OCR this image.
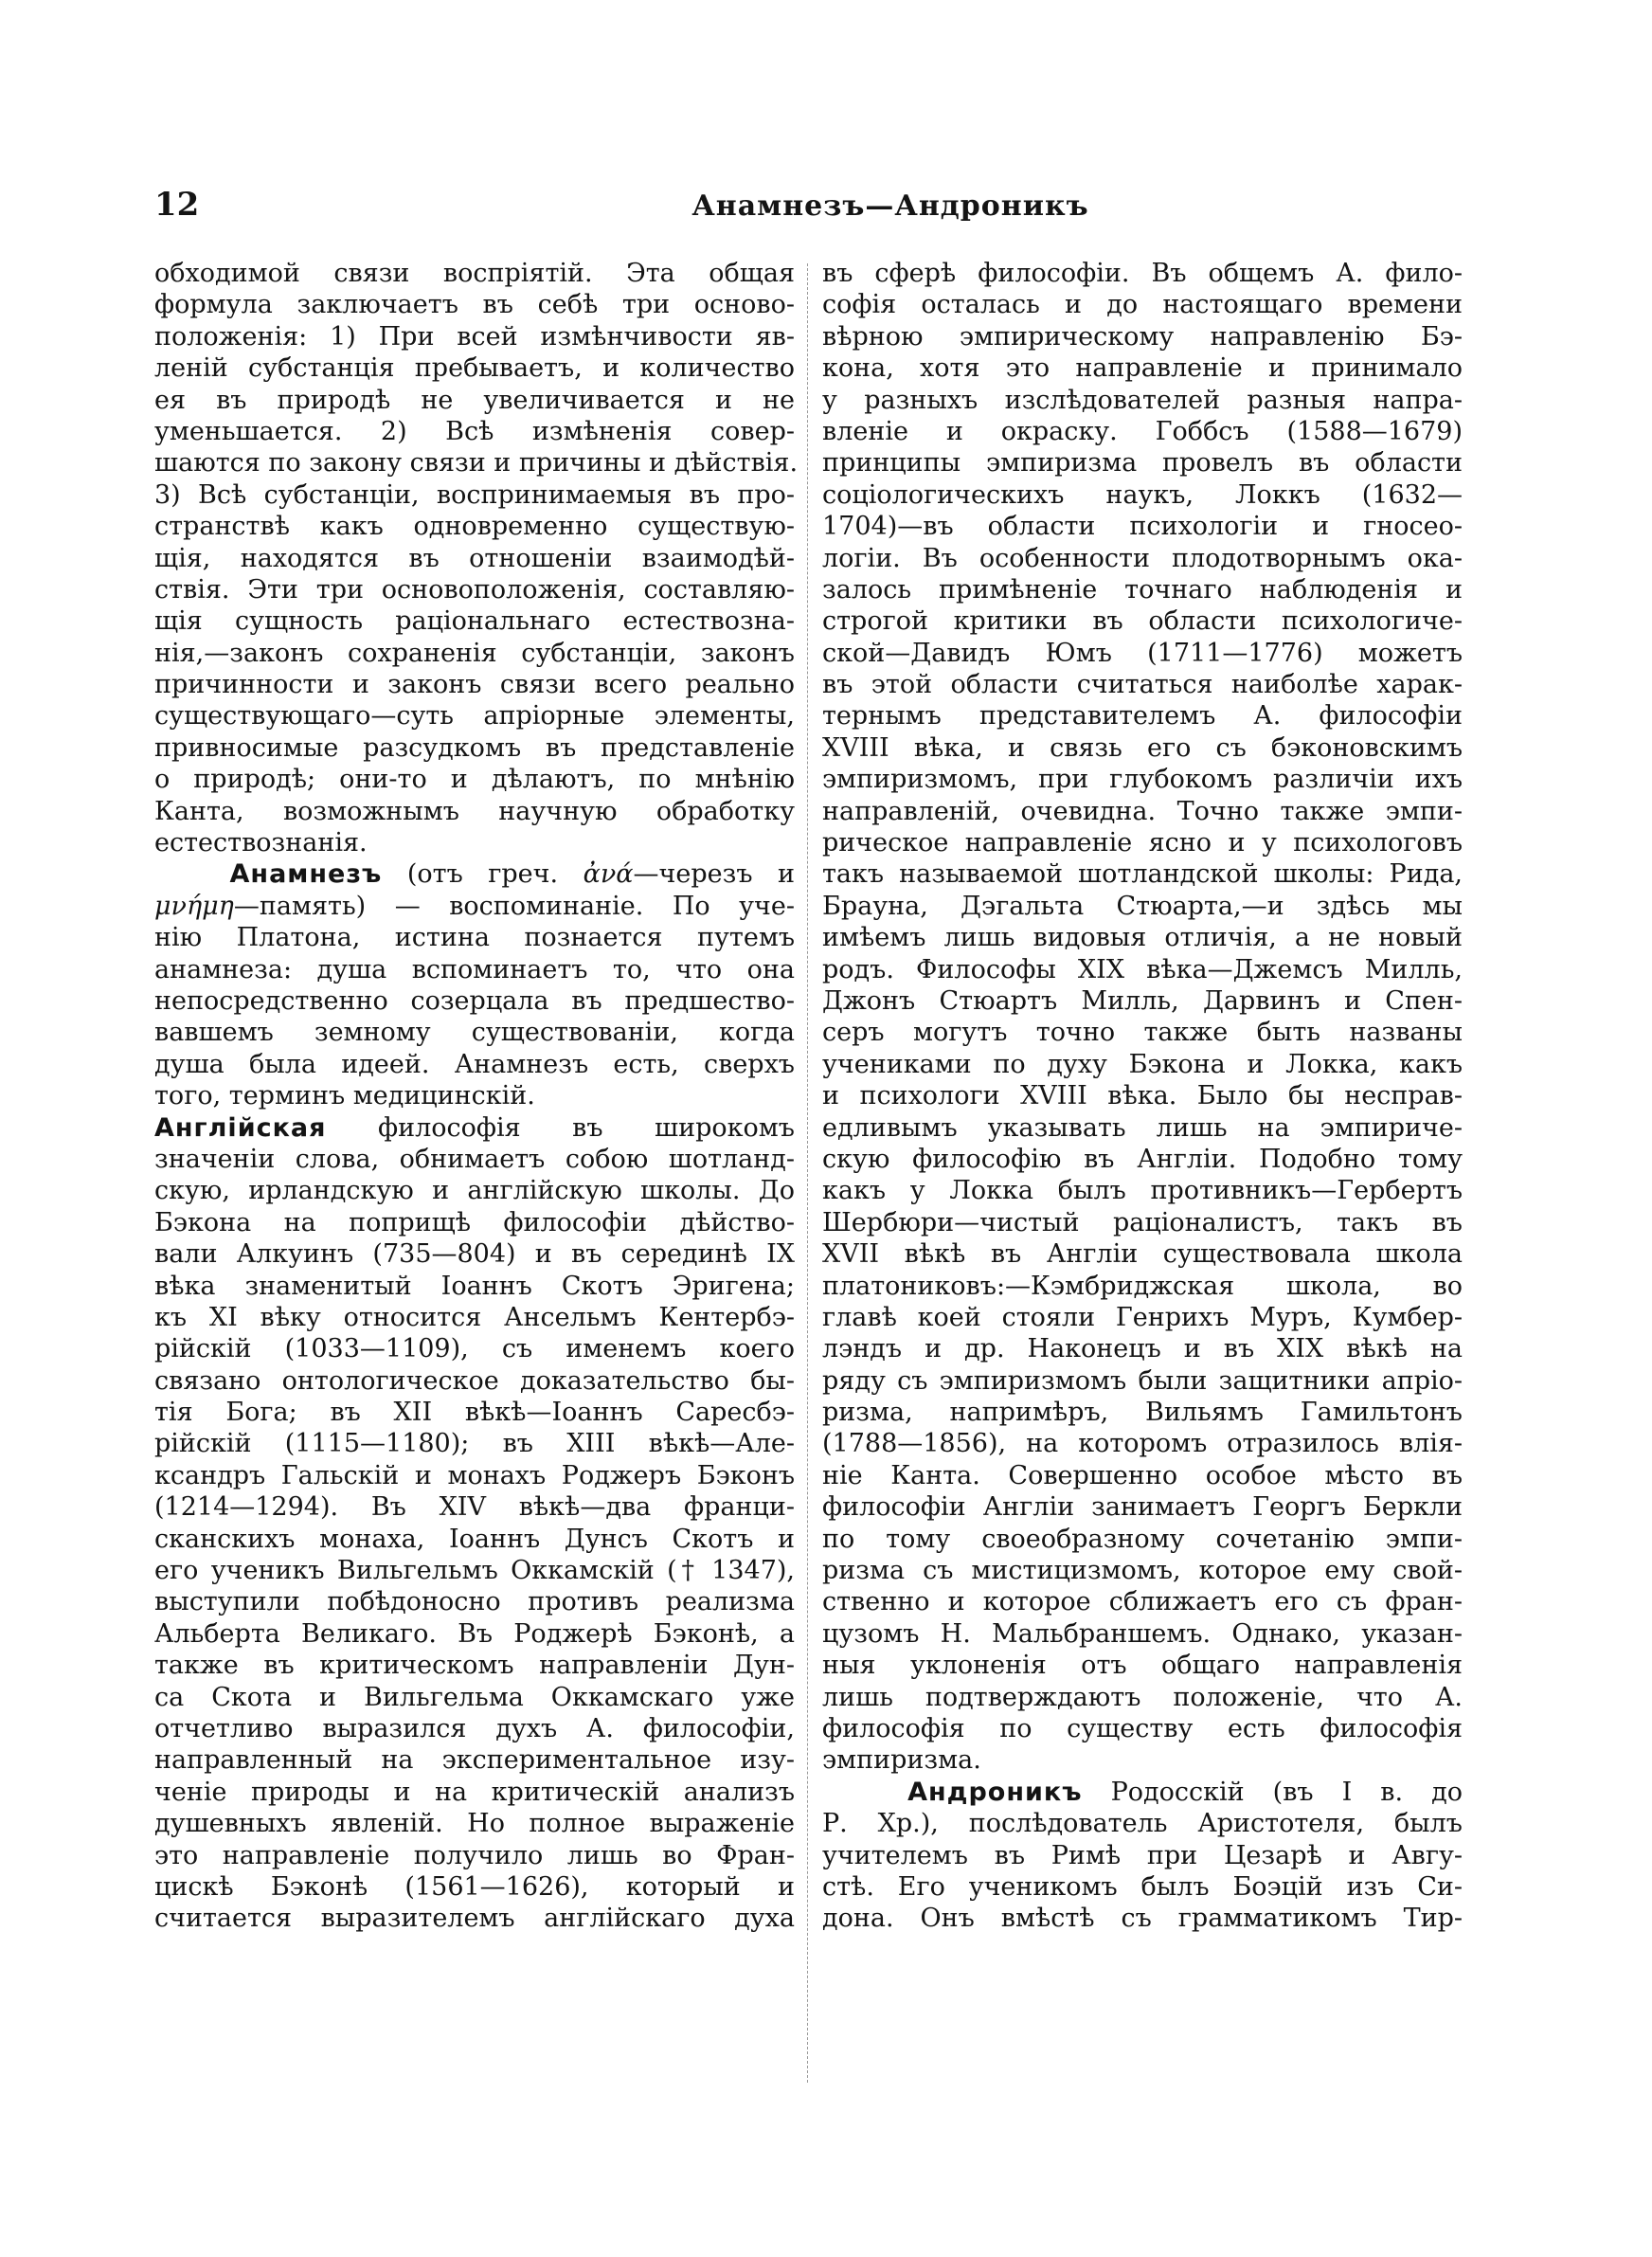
12	Анамнезъ—Андроникъ
обходимой связи воспріятій. Эта общая
формула заключаетъ въ себѣ три осново-
положенія: 1) При всей измѣнчивости яв-
леній субстанція пребываетъ, и количество
ея въ природѣ не увеличивается и не
уменьшается. 2) Всѣ измѣненія совер-
шаются по закону связи и причины и дѣйствія.
3) Всѣ субстанціи, воспринимаемыя въ про-
странствѣ какъ одновременно существую-
щія, находятся въ отношеніи взаимодѣй-
ствія. Эти три основоположенія, составляю-
щія сущность раціональнаго естествозна-
нія,—законъ сохраненія субстанціи, законъ
причинности и законъ связи всего реально
существующаго—суть апріорные элементы,
привносимые разсудкомъ въ представленіе
о природѣ; они-то и дѣлаютъ, по мнѣнію
Канта, возможнымъ научную обработку
естествознанія.
Анамнезъ (отъ греч. ἀνά—черезъ и
μνήμη—память) — воспоминаніе. По уче-
нію Платона, истина познается путемъ
анамнеза: душа вспоминаетъ то, что она
непосредственно созерцала въ предшество-
вавшемъ земному существованіи, когда
душа была идеей. Анамнезъ есть, сверхъ
того, терминъ медицинскій.
Англійская философія въ широкомъ
значеніи слова, обнимаетъ собою шотланд-
скую, ирландскую и англійскую школы. До
Бэкона на поприщѣ философіи дѣйство-
вали Алкуинъ (735—804) и въ серединѣ IX
вѣка знаменитый Іоаннъ Скотъ Эригена;
къ XI вѣку относится Ансельмъ Кентербэ-
рійскій (1033—1109), съ именемъ коего
связано онтологическое доказательство бы-
тія Бога; въ XII вѣкѣ—Іоаннъ Саресбэ-
рійскій (1115—1180); въ XIII вѣкѣ—Але-
ксандръ Гальскій и монахъ Роджеръ Бэконъ
(1214—1294). Въ XIV вѣкѣ—два франци-
сканскихъ монаха, Іоаннъ Дунсъ Скотъ и
его ученикъ Вильгельмъ Оккамскій († 1347),
выступили побѣдоносно противъ реализма
Альберта Великаго. Въ Роджерѣ Бэконѣ, а
также въ критическомъ направленіи Дун-
са Скота и Вильгельма Оккамскаго уже
отчетливо выразился духъ А. философіи,
направленный на экспериментальное изу-
ченіе природы и на критическій анализъ
душевныхъ явленій. Но полное выраженіе
это направленіе получило лишь во Фран-
цискѣ Бэконѣ (1561—1626), который и
считается выразителемъ англійскаго духа
въ сферѣ философіи. Въ общемъ А. фило-
софія осталась и до настоящаго времени
вѣрною эмпирическому направленію Бэ-
кона, хотя это направленіе и принимало
у разныхъ изслѣдователей разныя напра-
вленіе и окраску. Гоббсъ (1588—1679)
принципы эмпиризма провелъ въ области
соціологическихъ наукъ, Локкъ (1632—
1704)—въ области психологіи и гносео-
логіи. Въ особенности плодотворнымъ ока-
залось примѣненіе точнаго наблюденія и
строгой критики въ области психологиче-
ской—Давидъ Юмъ (1711—1776) можетъ
въ этой области считаться наиболѣе харак-
тернымъ представителемъ А. философіи
XVIII вѣка, и связь его съ бэконовскимъ
эмпиризмомъ, при глубокомъ различіи ихъ
направленій, очевидна. Точно также эмпи-
рическое направленіе ясно и у психологовъ
такъ называемой шотландской школы: Рида,
Брауна, Дэгальта Стюарта,—и здѣсь мы
имѣемъ лишь видовыя отличія, а не новый
родъ. Философы XIX вѣка—Джемсъ Милль,
Джонъ Стюартъ Милль, Дарвинъ и Спен-
серъ могутъ точно также быть названы
учениками по духу Бэкона и Локка, какъ
и психологи XVIII вѣка. Было бы несправ-
едливымъ указывать лишь на эмпириче-
скую философію въ Англіи. Подобно тому
какъ у Локка былъ противникъ—Гербертъ
Шербюри—чистый раціоналистъ, такъ въ
XVII вѣкѣ въ Англіи существовала школа
платониковъ:—Кэмбриджская школа, во
главѣ коей стояли Генрихъ Муръ, Кумбер-
лэндъ и др. Наконецъ и въ XIX вѣкѣ на
ряду съ эмпиризмомъ были защитники апріо-
ризма, напримѣръ, Вильямъ Гамильтонъ
(1788—1856), на которомъ отразилось влія-
ніе Канта. Совершенно особое мѣсто въ
философіи Англіи занимаетъ Георгъ Беркли
по тому своеобразному сочетанію эмпи-
ризма съ мистицизмомъ, которое ему свой-
ственно и которое сближаетъ его съ фран-
цузомъ Н. Мальбраншемъ. Однако, указан-
ныя уклоненія отъ общаго направленія
лишь подтверждаютъ положеніе, что А.
философія по существу есть философія
эмпиризма.
Андроникъ Родосскій (въ I в. до
Р. Хр.), послѣдователь Аристотеля, былъ
учителемъ въ Римѣ при Цезарѣ и Авгу-
стѣ. Его ученикомъ былъ Боэцій изъ Си-
дона. Онъ вмѣстѣ съ грамматикомъ Тир-
